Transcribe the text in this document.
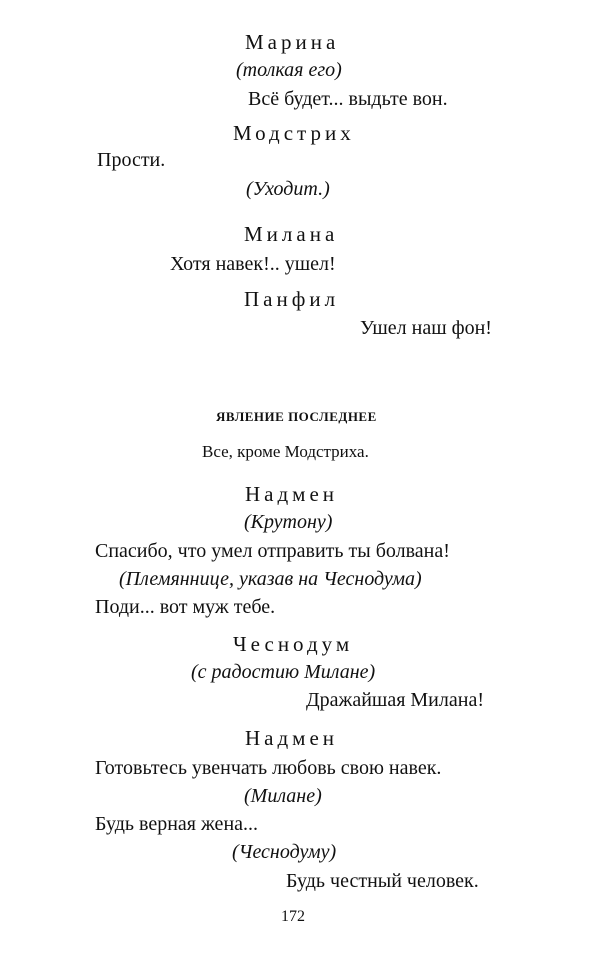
Марина
(толкая его)
Всё будет... выдьте вон.
Модстрих
Прости.
(Уходит.)
Милана
Хотя навек!.. ушел!
Панфил
Ушел наш фон!
ЯВЛЕНИЕ ПОСЛЕДНЕЕ
Все, кроме Модстриха.
Надмен
(Крутону)
Спасибо, что умел отправить ты болвана!
(Племяннице, указав на Чеснодума)
Поди... вот муж тебе.
Чеснодум
(с радостию Милане)
Дражайшая Милана!
Надмен
Готовьтесь увенчать любовь свою навек.
(Милане)
Будь верная жена...
(Чеснодуму)
Будь честный человек.
172
